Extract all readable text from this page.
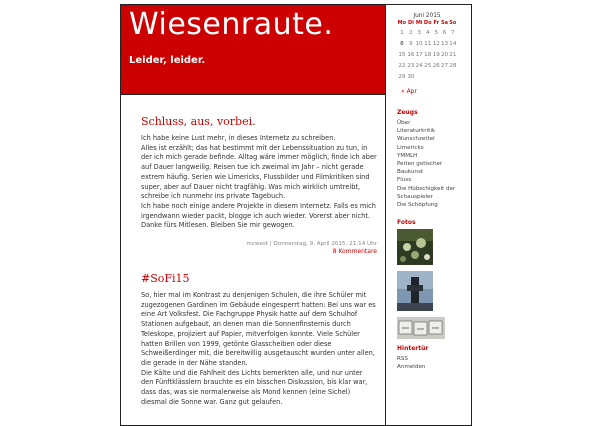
Wiesenraute.
Leider, leider.
Schluss, aus, vorbei.

Ich habe keine Lust mehr, in dieses Internetz zu schreiben.

Alles ist erzählt; das hat bestimmt mit der Lebenssituation zu tun, in der ich mich gerade befinde. Alltag wäre immer möglich, finde ich aber auf Dauer langweilig. Reisen tue ich zweimal im Jahr – nicht gerade extrem häufig. Serien wie Limericks, Flussbilder und Filmkritiken sind super, aber auf Dauer nicht tragfähig. Was mich wirklich umtreibt, schreibe ich nunmehr ins private Tagebuch.

Ich habe noch einige andere Projekte in diesem Internetz. Falls es mich irgendwann wieder packt, blogge ich auch wieder. Vorerst aber nicht. Danke fürs Mitlesen. Bleiben Sie mir gewogen.

mcwest | Donnerstag, 9. April 2015, 21:14 Uhr
8 Kommentare
#SoFi15

So, hier mal im Kontrast zu denjenigen Schulen, die ihre Schüler mit zugezogenen Gardinen im Gebäude eingesperrt hatten: Bei uns war es eine Art Volksfest. Die Fachgruppe Physik hatte auf dem Schulhof Stationen aufgebaut, an denen man die Sonnenfinsternis durch Teleskope, projiziert auf Papier, mitverfolgen konnte. Viele Schüler hatten Brillen von 1999, getönte Glasscheiben oder diese Schweißerdinger mit, die bereitwillig ausgetauscht wurden unter allen, die gerade in der Nähe standen.

Die Kälte und die Fahlheit des Lichts bemerkten alle, und nur unter den Fünftklässlern brauchte es ein bisschen Diskussion, bis klar war, dass das, was sie normalerweise als Mond kennen (eine Sichel) diesmal die Sonne war. Ganz gut gelaufen.

Juni 2015
Mo	Di	Mi	Do	Fr	Sa	So
1	2	3	4	5	6	7
8	9	10	11	12	13	14
15	16	17	18	19	20	21
22	23	24	25	26	27	28
29	30					
« Apr
Zeugs
Über
Literaturkritik
Wunschzettel
Limericks
YMMLH
Perlen gotischer
Baukunst
Fluss
Die Hübschigkeit der
Schauspieler
Die Schöpfung
Fotos
Hintertür
RSS
Anmelden
